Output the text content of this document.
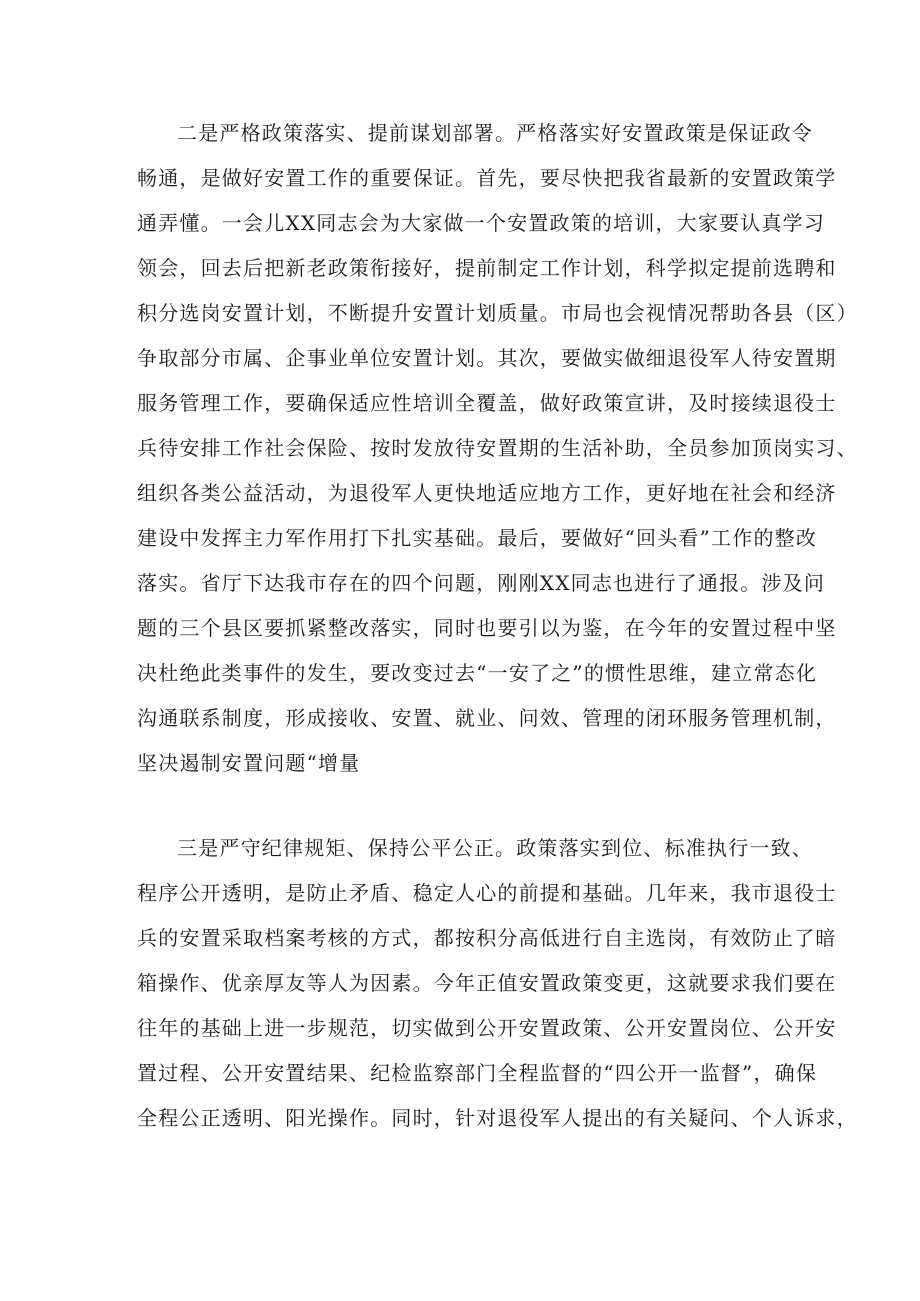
二是严格政策落实、提前谋划部署。严格落实好安置政策是保证政令
畅通，是做好安置工作的重要保证。首先，要尽快把我省最新的安置政策学
通弄懂。一会儿XX同志会为大家做一个安置政策的培训，大家要认真学习
领会，回去后把新老政策衔接好，提前制定工作计划，科学拟定提前选聘和
积分选岗安置计划，不断提升安置计划质量。市局也会视情况帮助各县（区）
争取部分市属、企事业单位安置计划。其次，要做实做细退役军人待安置期
服务管理工作，要确保适应性培训全覆盖，做好政策宣讲，及时接续退役士
兵待安排工作社会保险、按时发放待安置期的生活补助，全员参加顶岗实习、
组织各类公益活动，为退役军人更快地适应地方工作，更好地在社会和经济
建设中发挥主力军作用打下扎实基础。最后，要做好“回头看”工作的整改
落实。省厅下达我市存在的四个问题，刚刚XX同志也进行了通报。涉及问
题的三个县区要抓紧整改落实，同时也要引以为鉴，在今年的安置过程中坚
决杜绝此类事件的发生，要改变过去“一安了之”的惯性思维，建立常态化
沟通联系制度，形成接收、安置、就业、问效、管理的闭环服务管理机制，
坚决遏制安置问题“增量
三是严守纪律规矩、保持公平公正。政策落实到位、标准执行一致、
程序公开透明，是防止矛盾、稳定人心的前提和基础。几年来，我市退役士
兵的安置采取档案考核的方式，都按积分高低进行自主选岗，有效防止了暗
箱操作、优亲厚友等人为因素。今年正值安置政策变更，这就要求我们要在
往年的基础上进一步规范，切实做到公开安置政策、公开安置岗位、公开安
置过程、公开安置结果、纪检监察部门全程监督的“四公开一监督”，确保
全程公正透明、阳光操作。同时，针对退役军人提出的有关疑问、个人诉求，
